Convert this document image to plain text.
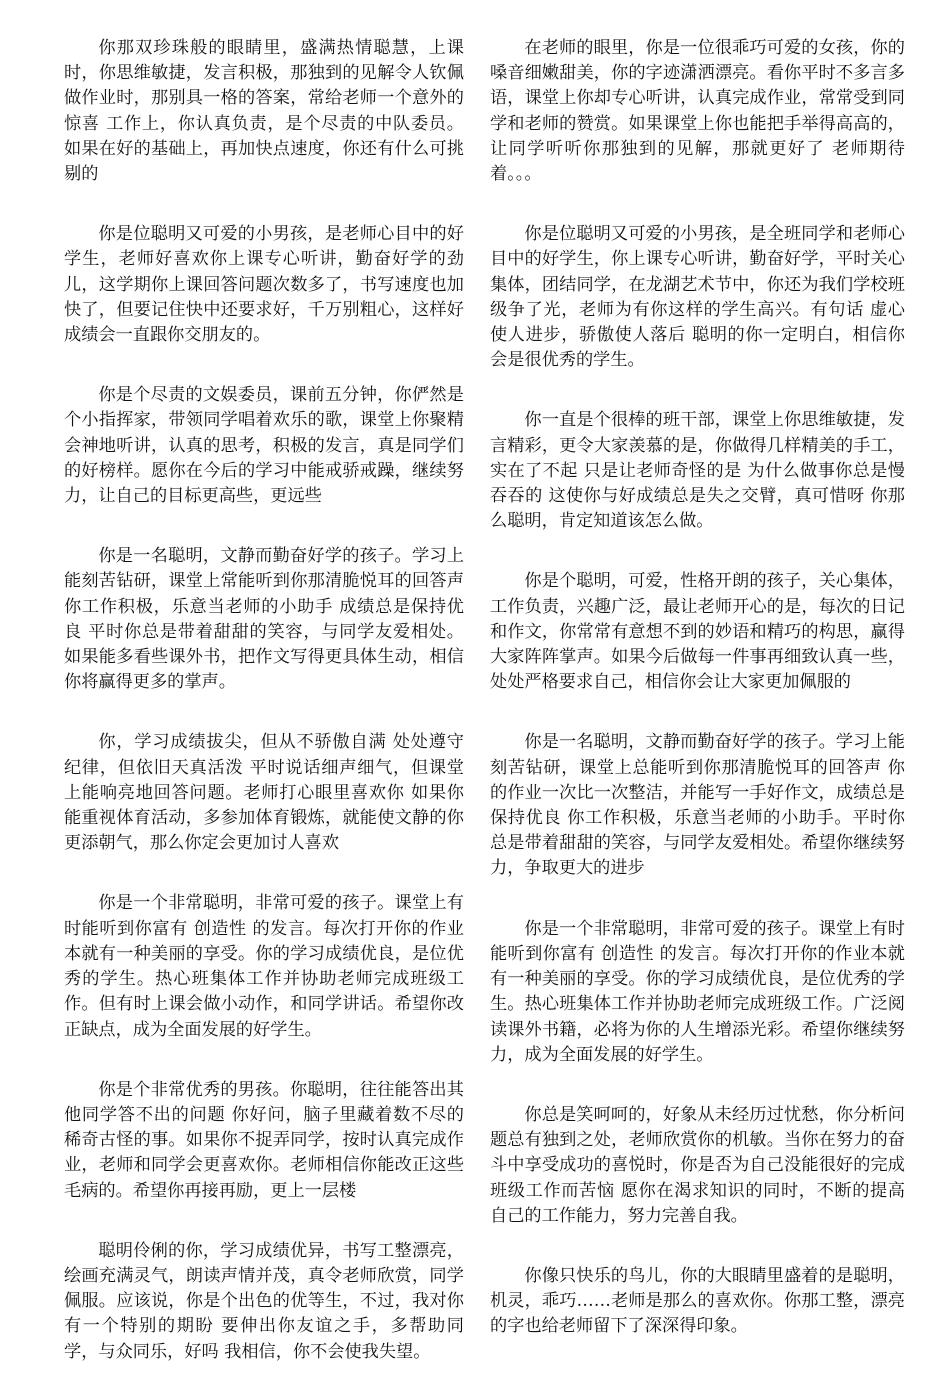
你那双珍珠般的眼睛里，盛满热情聪慧，上课时，你思维敏捷，发言积极，那独到的见解令人钦佩 做作业时，那别具一格的答案，常给老师一个意外的惊喜 工作上，你认真负责，是个尽责的中队委员。如果在好的基础上，再加快点速度，你还有什么可挑剔的

你是位聪明又可爱的小男孩，是老师心目中的好学生，老师好喜欢你上课专心听讲，勤奋好学的劲儿，这学期你上课回答问题次数多了，书写速度也加快了，但要记住快中还要求好，千万别粗心，这样好成绩会一直跟你交朋友的。

你是个尽责的文娱委员，课前五分钟，你俨然是个小指挥家，带领同学唱着欢乐的歌，课堂上你聚精会神地听讲，认真的思考，积极的发言，真是同学们的好榜样。愿你在今后的学习中能戒骄戒躁，继续努力，让自己的目标更高些，更远些

你是一名聪明，文静而勤奋好学的孩子。学习上能刻苦钻研，课堂上常能听到你那清脆悦耳的回答声 你工作积极，乐意当老师的小助手 成绩总是保持优良 平时你总是带着甜甜的笑容，与同学友爱相处。如果能多看些课外书，把作文写得更具体生动，相信你将赢得更多的掌声。

你，学习成绩拔尖，但从不骄傲自满 处处遵守纪律，但依旧天真活泼 平时说话细声细气，但课堂上能响亮地回答问题。老师打心眼里喜欢你 如果你能重视体育活动，多参加体育锻炼，就能使文静的你更添朝气，那么你定会更加讨人喜欢

你是一个非常聪明，非常可爱的孩子。课堂上有时能听到你富有 创造性 的发言。每次打开你的作业本就有一种美丽的享受。你的学习成绩优良，是位优秀的学生。热心班集体工作并协助老师完成班级工作。但有时上课会做小动作，和同学讲话。希望你改正缺点，成为全面发展的好学生。

你是个非常优秀的男孩。你聪明，往往能答出其他同学答不出的问题 你好问，脑子里藏着数不尽的稀奇古怪的事。如果你不捉弄同学，按时认真完成作业，老师和同学会更喜欢你。老师相信你能改正这些毛病的。希望你再接再励，更上一层楼

聪明伶俐的你，学习成绩优异，书写工整漂亮，绘画充满灵气，朗读声情并茂，真令老师欣赏，同学佩服。应该说，你是个出色的优等生，不过，我对你有一个特别的期盼 要伸出你友谊之手，多帮助同学，与众同乐，好吗 我相信，你不会使我失望。

在老师的眼里，你是一位很乖巧可爱的女孩，你的嗓音细嫩甜美，你的字迹潇洒漂亮。看你平时不多言多语，课堂上你却专心听讲，认真完成作业，常常受到同学和老师的赞赏。如果课堂上你也能把手举得高高的，让同学听听你那独到的见解，那就更好了 老师期待着。。。

你是位聪明又可爱的小男孩，是全班同学和老师心目中的好学生，你上课专心听讲，勤奋好学，平时关心集体，团结同学，在龙湖艺术节中，你还为我们学校班级争了光，老师为有你这样的学生高兴。有句话 虚心使人进步，骄傲使人落后 聪明的你一定明白，相信你会是很优秀的学生。

你一直是个很棒的班干部，课堂上你思维敏捷，发言精彩，更令大家羡慕的是，你做得几样精美的手工，实在了不起 只是让老师奇怪的是 为什么做事你总是慢吞吞的 这使你与好成绩总是失之交臂，真可惜呀 你那么聪明，肯定知道该怎么做。

你是个聪明，可爱，性格开朗的孩子，关心集体，工作负责，兴趣广泛，最让老师开心的是，每次的日记和作文，你常常有意想不到的妙语和精巧的构思，赢得大家阵阵掌声。如果今后做每一件事再细致认真一些，处处严格要求自己，相信你会让大家更加佩服的

你是一名聪明，文静而勤奋好学的孩子。学习上能刻苦钻研，课堂上总能听到你那清脆悦耳的回答声 你的作业一次比一次整洁，并能写一手好作文，成绩总是保持优良 你工作积极，乐意当老师的小助手。平时你总是带着甜甜的笑容，与同学友爱相处。希望你继续努力，争取更大的进步

你是一个非常聪明，非常可爱的孩子。课堂上有时能听到你富有 创造性 的发言。每次打开你的作业本就有一种美丽的享受。你的学习成绩优良，是位优秀的学生。热心班集体工作并协助老师完成班级工作。广泛阅读课外书籍，必将为你的人生增添光彩。希望你继续努力，成为全面发展的好学生。

你总是笑呵呵的，好象从未经历过忧愁，你分析问题总有独到之处，老师欣赏你的机敏。当你在努力的奋斗中享受成功的喜悦时，你是否为自己没能很好的完成班级工作而苦恼 愿你在渴求知识的同时，不断的提高自己的工作能力，努力完善自我。

你像只快乐的鸟儿，你的大眼睛里盛着的是聪明，机灵，乖巧……老师是那么的喜欢你。你那工整，漂亮的字也给老师留下了深深得印象。
